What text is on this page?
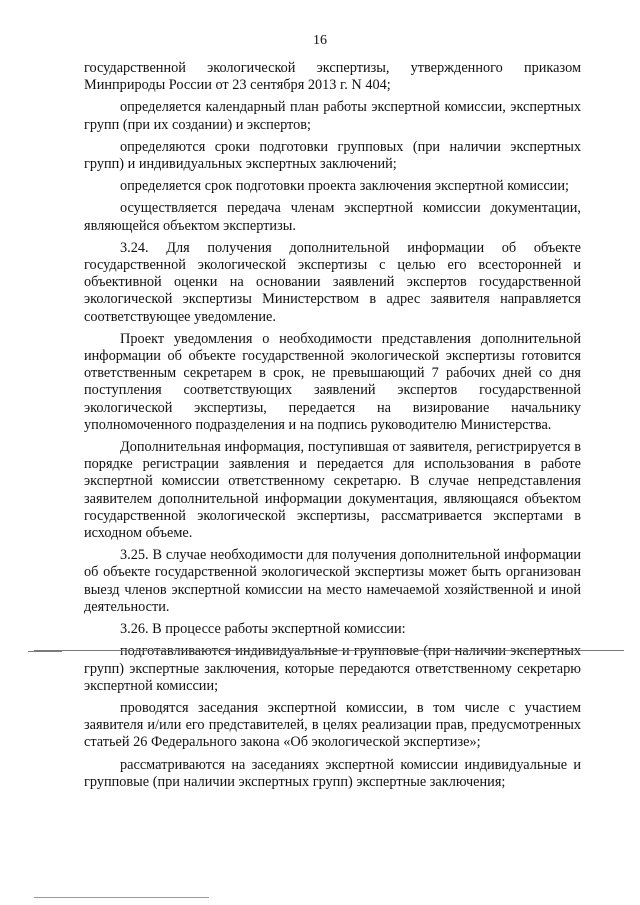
16

государственной экологической экспертизы, утвержденного приказом Минприроды России от 23 сентября 2013 г. N 404;

определяется календарный план работы экспертной комиссии, экспертных групп (при их создании) и экспертов;

определяются сроки подготовки групповых (при наличии экспертных групп) и индивидуальных экспертных заключений;

определяется срок подготовки проекта заключения экспертной комиссии;

осуществляется передача членам экспертной комиссии документации, являющейся объектом экспертизы.

3.24. Для получения дополнительной информации об объекте государственной экологической экспертизы с целью его всесторонней и объективной оценки на основании заявлений экспертов государственной экологической экспертизы Министерством в адрес заявителя направляется соответствующее уведомление.

Проект уведомления о необходимости представления дополнительной информации об объекте государственной экологической экспертизы готовится ответственным секретарем в срок, не превышающий 7 рабочих дней со дня поступления соответствующих заявлений экспертов государственной экологической экспертизы, передается на визирование начальнику уполномоченного подразделения и на подпись руководителю Министерства.

Дополнительная информация, поступившая от заявителя, регистрируется в порядке регистрации заявления и передается для использования в работе экспертной комиссии ответственному секретарю. В случае непредставления заявителем дополнительной информации документация, являющаяся объектом государственной экологической экспертизы, рассматривается экспертами в исходном объеме.

3.25. В случае необходимости для получения дополнительной информации об объекте государственной экологической экспертизы может быть организован выезд членов экспертной комиссии на место намечаемой хозяйственной и иной деятельности.

3.26. В процессе работы экспертной комиссии:

подготавливаются индивидуальные и групповые (при наличии экспертных групп) экспертные заключения, которые передаются ответственному секретарю экспертной комиссии;

проводятся заседания экспертной комиссии, в том числе с участием заявителя и/или его представителей, в целях реализации прав, предусмотренных статьей 26 Федерального закона «Об экологической экспертизе»;

рассматриваются на заседаниях экспертной комиссии индивидуальные и групповые (при наличии экспертных групп) экспертные заключения;
